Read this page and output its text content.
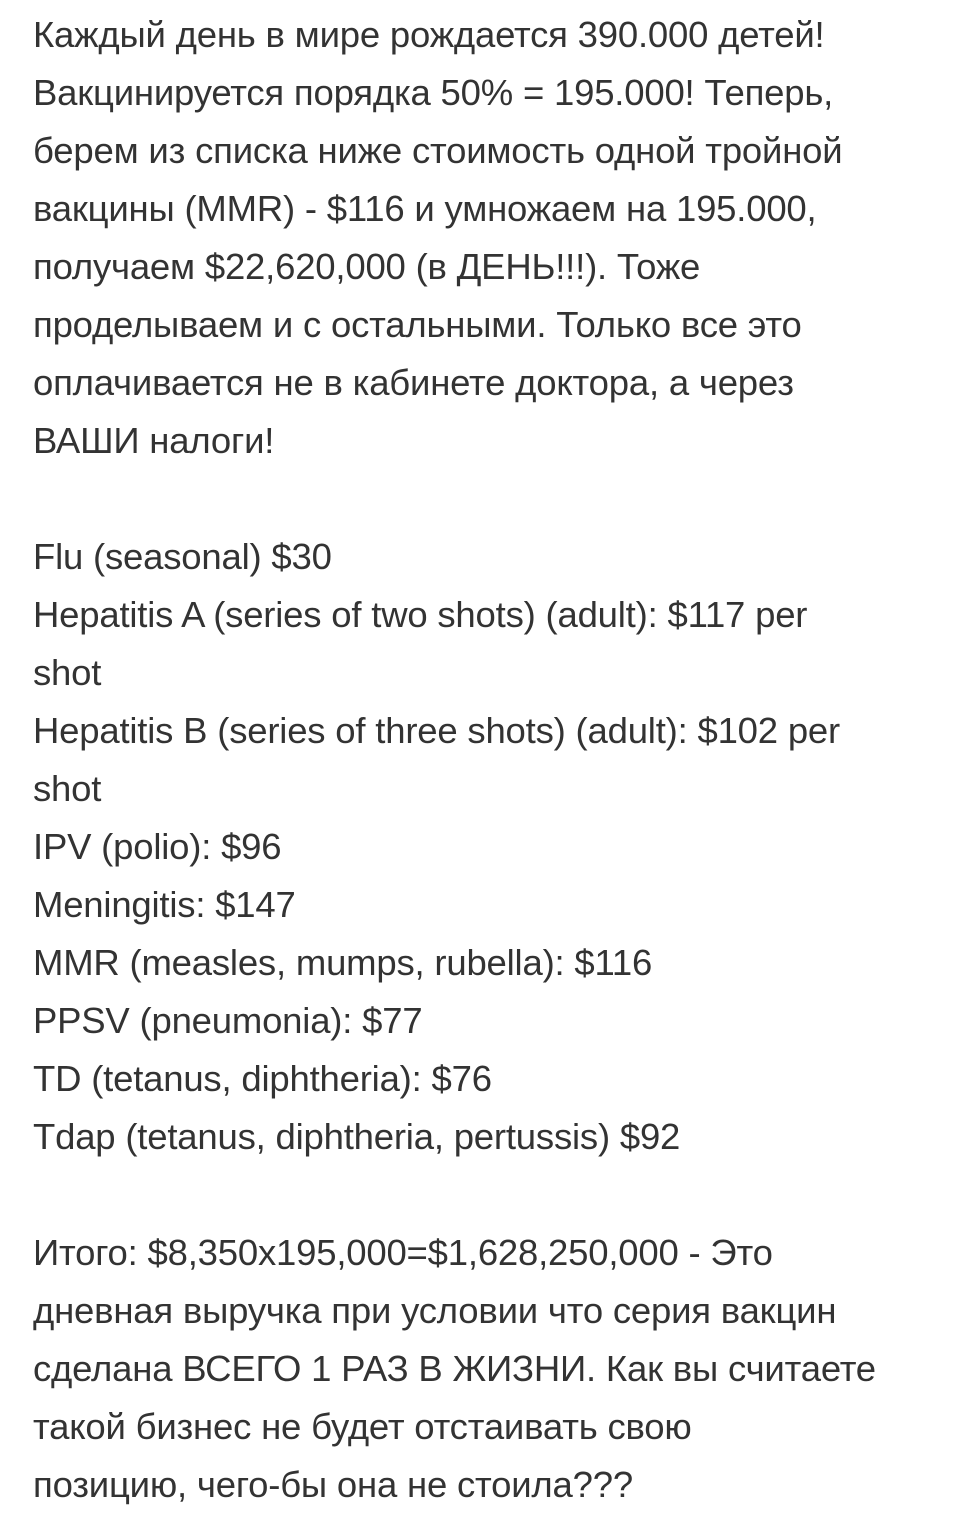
Каждый день в мире рождается 390.000 детей!
Вакцинируется порядка 50% = 195.000! Теперь,
берем из списка ниже стоимость одной тройной
вакцины (MMR) - $116 и умножаем на 195.000,
получаем $22,620,000 (в ДЕНЬ!!!). Тоже
проделываем и с остальными. Только все это
оплачивается не в кабинете доктора, а через
ВАШИ налоги!
Flu (seasonal) $30
Hepatitis A (series of two shots) (adult): $117 per
shot
Hepatitis B (series of three shots) (adult): $102 per
shot
IPV (polio): $96
Meningitis: $147
MMR (measles, mumps, rubella): $116
PPSV (pneumonia): $77
TD (tetanus, diphtheria): $76
Tdap (tetanus, diphtheria, pertussis) $92
Итого: $8,350x195,000=$1,628,250,000 - Это
дневная выручка при условии что серия вакцин
сделана ВСЕГО 1 РАЗ В ЖИЗНИ. Как вы считаете
такой бизнес не будет отстаивать свою
позицию, чего-бы она не стоила???
